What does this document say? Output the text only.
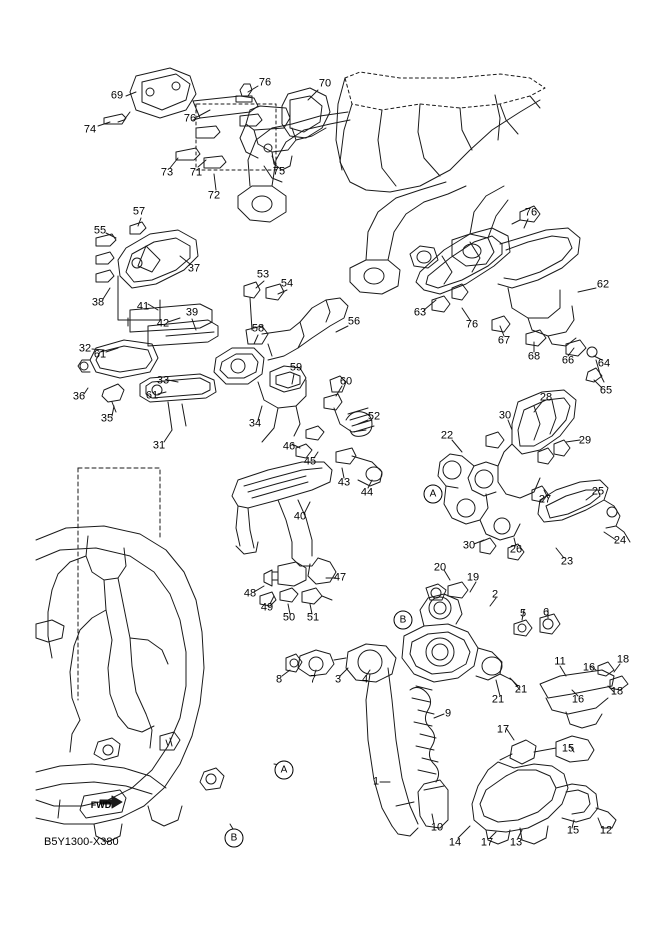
B5Y1300-X380
FWD
A
B
A
B
69
76	70
74
76
73 71
72
75
57
55
76
37
38	41
53
54	62
32
42
39
58
56
63
76
67
68 66 64
65
61
36
35
33
59
60
61
31
34
52
28
30
29
22
46
45
43
44
27
25
40
30	26
24
23
47
48
49
50 51
20
19
2
5 6
8	7 3 4
21
21
11 16
18
16
18
9
17
15
1
10
14 17 13
15 12
